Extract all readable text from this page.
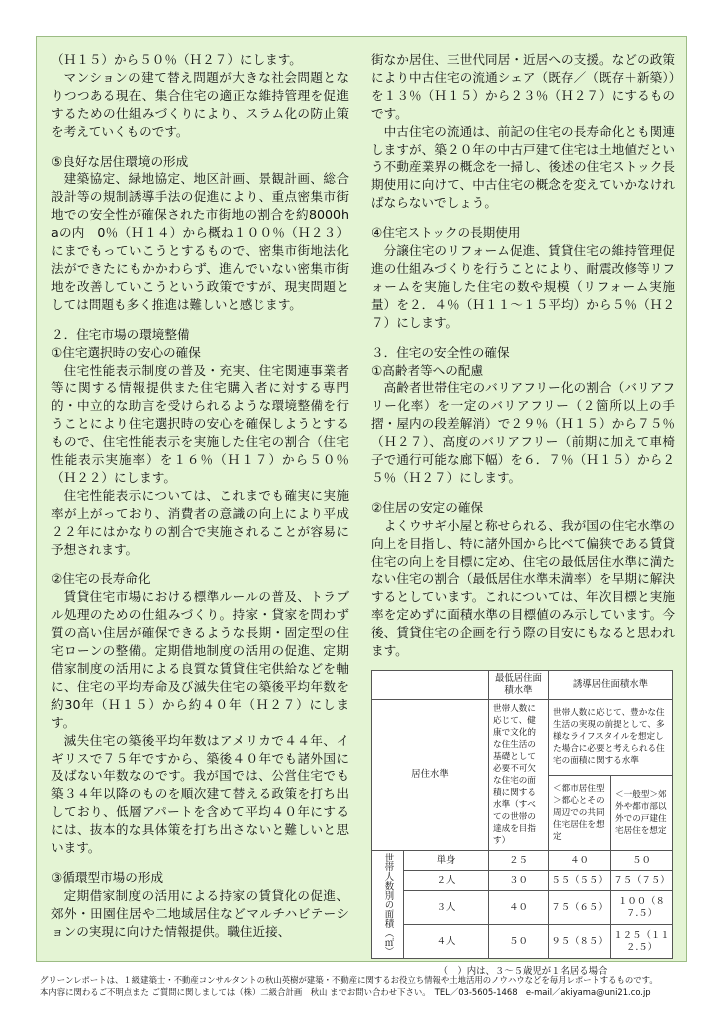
（Ｈ１５）から５０％（Ｈ２７）にします。

マンションの建て替え問題が大きな社会問題となりつつある現在、集合住宅の適正な維持管理を促進するための仕組みづくりにより、スラム化の防止策を考えていくものです。

⑤良好な居住環境の形成

建築協定、緑地協定、地区計画、景観計画、総合設計等の規制誘導手法の促進により、重点密集市街地での安全性が確保された市街地の割合を約8000haの内　0％（Ｈ１４）から概ね１００％（Ｈ２３）にまでもっていこうとするもので、密集市街地法化法ができたにもかかわらず、進んでいない密集市街地を改善していこうという政策ですが、現実問題としては問題も多く推進は難しいと感じます。

２．住宅市場の環境整備

①住宅選択時の安心の確保

住宅性能表示制度の普及・充実、住宅関連事業者等に関する情報提供また住宅購入者に対する専門的・中立的な助言を受けられるような環境整備を行うことにより住宅選択時の安心を確保しようとするもので、住宅性能表示を実施した住宅の割合（住宅性能表示実施率）を１６％（Ｈ１７）から５０％（Ｈ２２）にします。

住宅性能表示については、これまでも確実に実施率が上がっており、消費者の意識の向上により平成２２年にはかなりの割合で実施されることが容易に予想されます。

②住宅の長寿命化

賃貸住宅市場における標準ルールの普及、トラブル処理のための仕組みづくり。持家・貸家を問わず質の高い住居が確保できるような長期・固定型の住宅ローンの整備。定期借地制度の活用の促進、定期借家制度の活用による良質な賃貸住宅供給などを軸に、住宅の平均寿命及び滅失住宅の築後平均年数を約30年（Ｈ１５）から約４０年（Ｈ２７）にします。

滅失住宅の築後平均年数はアメリカで４４年、イギリスで７５年ですから、築後４０年でも諸外国に及ばない年数なのです。我が国では、公営住宅でも築３４年以降のものを順次建て替える政策を打ち出しており、低層アパートを含めて平均４０年にするには、抜本的な具体策を打ち出さないと難しいと思います。

③循環型市場の形成

定期借家制度の活用による持家の賃貸化の促進、郊外・田園住居や二地域居住などマルチハビテーションの実現に向けた情報提供。職住近接、

街なか居住、三世代同居・近居への支援。などの政策により中古住宅の流通シェア（既存／（既存＋新築））を１３％（Ｈ１５）から２３％（Ｈ２７）にするものです。

中古住宅の流通は、前記の住宅の長寿命化とも関連しますが、築２０年の中古戸建て住宅は土地値だという不動産業界の概念を一掃し、後述の住宅ストック長期使用に向けて、中古住宅の概念を変えていかなければならないでしょう。

④住宅ストックの長期使用

分譲住宅のリフォーム促進、賃貸住宅の維持管理促進の仕組みづくりを行うことにより、耐震改修等リフォームを実施した住宅の数や規模（リフォーム実施量）を２．４％（Ｈ１１～１５平均）から５％（Ｈ２７）にします。

３．住宅の安全性の確保

①高齢者等への配慮

高齢者世帯住宅のバリアフリー化の割合（バリアフリー化率）を一定のバリアフリー（２箇所以上の手摺・屋内の段差解消）で２９％（Ｈ１５）から７５％（Ｈ２７）、高度のバリアフリー（前期に加えて車椅子で通行可能な廊下幅）を６．７％（Ｈ１５）から２５％（Ｈ２７）にします。

②住居の安定の確保

よくウサギ小屋と称せられる、我が国の住宅水準の向上を目指し、特に諸外国から比べて偏狭である賃貸住宅の向上を目標に定め、住宅の最低居住水準に満たない住宅の割合（最低居住水準未満率）を早期に解決するとしています。これについては、年次目標と実施率を定めずに面積水準の目標値のみ示しています。今後、賃貸住宅の企画を行う際の目安にもなると思われます。

		最低居住面積水準	誘導居住面積水準	
居住水準		世帯人数に応じて、健康で文化的な住生活の基礎として必要不可欠な住宅の面積に関する水準（すべての世帯の達成を目指す）	世帯人数に応じて、豊かな住生活の実現の前提として、多様なライフスタイルを想定した場合に必要と考えられる住宅の面積に関する水準	
			＜都市居住型＞都心とその周辺での共同住宅居住を想定	＜一般型＞郊外や都市部以外での戸建住宅居住を想定

世帯人数別の面積（㎡）	単身	２５	４０	５０
	２人	３０	５５（５５）	７５（７５）
	３人	４０	７５（６５）	１００（８７.５）
	４人	５０	９５（８５）	１２５（１１２.５）
（　）内は、３～５歳児が１名居る場合
グリーンレポートは、１級建築士・不動産コンサルタントの秋山英樹が建築・不動産に関するお役立ち情報や土地活用のノウハウなどを毎月レポートするものです。
本内容に関わるご不明点また ご質問に関しましては（株）二級合計画　秋山 までお問い合わせ下さい。　TEL／03-5605-1468　e-mail／akiyama@uni21.co.jp
